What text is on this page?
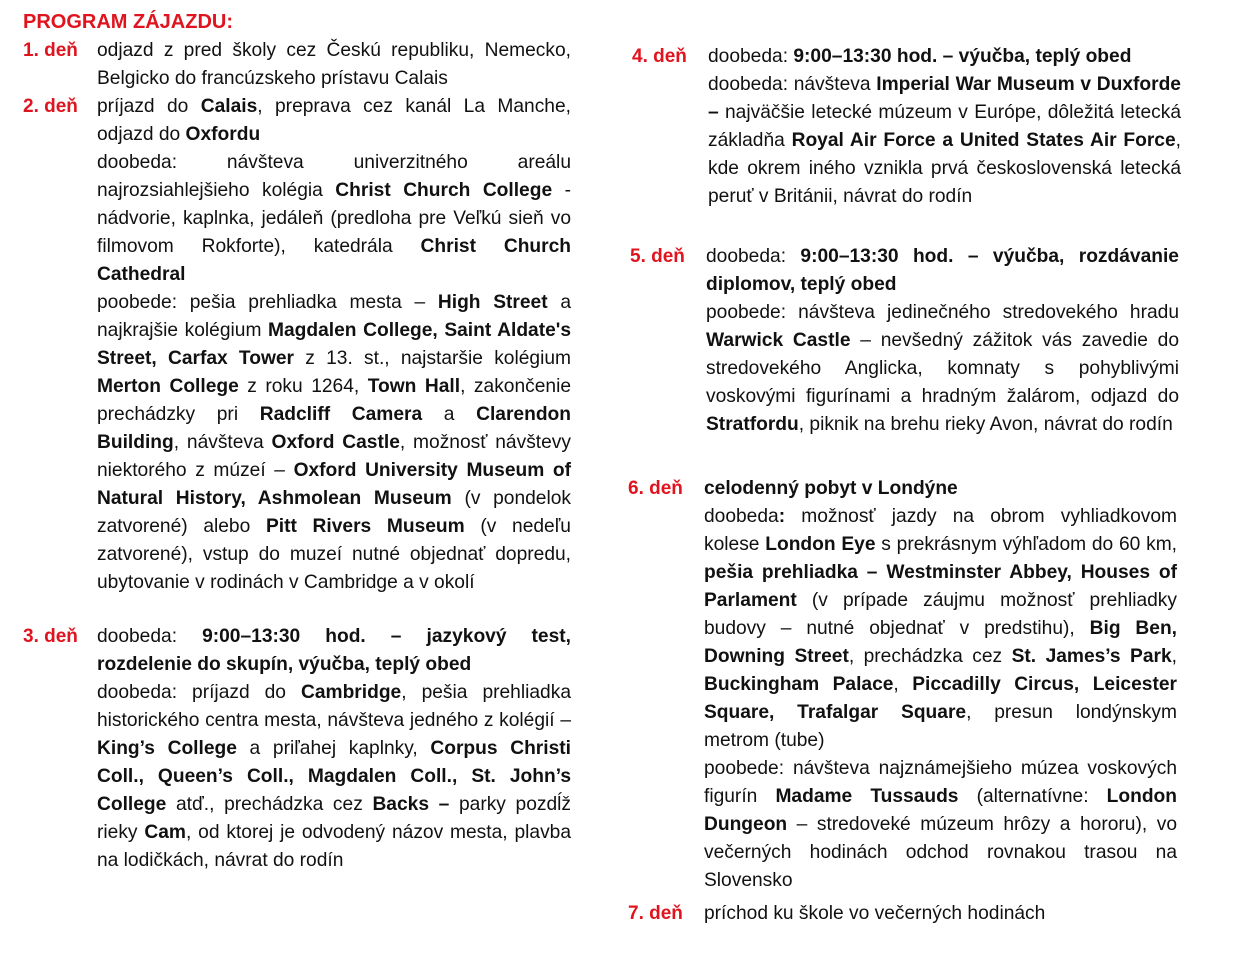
PROGRAM ZÁJAZDU:
1. deň odjazd z pred školy cez Českú republiku, Nemecko, Belgicko do francúzskeho prístavu Calais

2. deň príjazd do Calais, preprava cez kanál La Manche, odjazd do Oxfordu

doobeda: návšteva univerzitného areálu najrozsiahlejšieho kolégia Christ Church College - nádvorie, kaplnka, jedáleň (predloha pre Veľkú sieň vo filmovom Rokforte), katedrála Christ Church Cathedral

poobede: pešia prehliadka mesta – High Street a najkrajšie kolégium Magdalen College, Saint Aldate's Street, Carfax Tower z 13. st., najstaršie kolégium Merton College z roku 1264, Town Hall, zakončenie prechádzky pri Radcliff Camera a Clarendon Building, návšteva Oxford Castle, možnosť návštevy niektorého z múzeí – Oxford University Museum of Natural History, Ashmolean Museum (v pondelok zatvorené) alebo Pitt Rivers Museum (v nedeľu zatvorené), vstup do muzeí nutné objednať dopredu, ubytovanie v rodinách v Cambridge a v okolí

3. deň doobeda: 9:00–13:30 hod. – jazykový test, rozdelenie do skupín, výučba, teplý obed

doobeda: príjazd do Cambridge, pešia prehliadka historického centra mesta, návšteva jedného z kolégií – King’s College a priľahej kaplnky, Corpus Christi Coll., Queen’s Coll., Magdalen Coll., St. John’s College atď., prechádzka cez Backs – parky pozdĺž rieky Cam, od ktorej je odvodený názov mesta, plavba na lodičkách, návrat do rodín

4. deň	doobeda: 9:00–13:30 hod. – výučba, teplý obed

doobeda: návšteva Imperial War Museum v Duxforde – najväčšie letecké múzeum v Európe, dôležitá letecká základňa Royal Air Force a United States Air Force, kde okrem iného vznikla prvá československá letecká peruť v Británii, návrat do rodín

5. deň	doobeda: 9:00–13:30 hod. – výučba, rozdávanie diplomov, teplý obed

poobede: návšteva jedinečného stredovekého hradu Warwick Castle – nevšedný zážitok vás zavedie do stredovekého Anglicka, komnaty s pohyblivými voskovými figurínami a hradným žalárom, odjazd do Stratfordu, piknik na brehu rieky Avon, návrat do rodín

6. deň	celodenný pobyt v Londýne

doobeda: možnosť jazdy na obrom vyhliadkovom kolese London Eye s prekrásnym výhľadom do 60 km, pešia prehliadka – Westminster Abbey, Houses of Parlament (v prípade záujmu možnosť prehliadky budovy – nutné objednať v predstihu), Big Ben, Downing Street, prechádzka cez St. James’s Park, Buckingham Palace, Piccadilly Circus, Leicester Square, Trafalgar Square, presun londýnskym metrom (tube)

poobede: návšteva najznámejšieho múzea voskových figurín Madame Tussauds (alternatívne: London Dungeon – stredoveké múzeum hrôzy a hororu), vo večerných hodinách odchod rovnakou trasou na Slovensko

7. deň	príchod ku škole vo večerných hodinách
